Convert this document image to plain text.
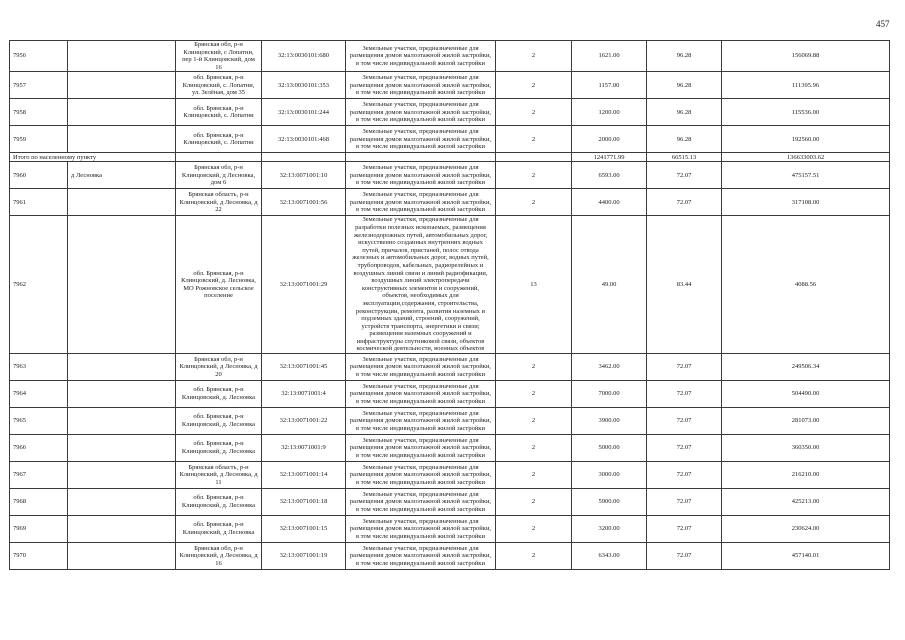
457
7956		Брянская обл, р-н Клинцовский, с Лопатни, пер 1-й Клинцовский, дом 16	32:13:0030101:680	Земельные участки, предназначенные для размещения домов малоэтажной жилой застройки, в том числе индивидуальной жилой застройки	2	1621.00	96.28	156069.88
7957		обл. Брянская, р-н Клинцовский, с. Лопатни, ул. Зелёная, дом 35	32:13:0030101:353	Земельные участки, предназначенные для размещения домов малоэтажной жилой застройки, в том числе индивидуальной жилой застройки	2	1157.00	96.28	111395.96
7958		обл. Брянская, р-н Клинцовский, с. Лопатни	32:13:0030101:244	Земельные участки, предназначенные для размещения домов малоэтажной жилой застройки, в том числе индивидуальной жилой застройки	2	1200.00	96.28	115536.00
7959		обл. Брянская, р-н Клинцовский, с. Лопатни	32:13:0030101:468	Земельные участки, предназначенные для размещения домов малоэтажной жилой застройки, в том числе индивидуальной жилой застройки	2	2000.00	96.28	192560.00
Итого по населенному пункту						1241771.99	66515.13	136633003.62
7960	д Лесновка	Брянская обл, р-н Клинцовский, д Лесновка, дом 6	32:13:0071001:10	Земельные участки, предназначенные для размещения домов малоэтажной жилой застройки, в том числе индивидуальной жилой застройки	2	6593.00	72.07	475157.51
7961		Брянская область, р-н Клинцовский, д Лесновка, д 22	32:13:0071001:56	Земельные участки, предназначенные для размещения домов малоэтажной жилой застройки, в том числе индивидуальной жилой застройки	2	4400.00	72.07	317108.00
7962		обл. Брянская, р-н Клинцовский, д. Лесновка, МО Рожновское сельское поселение	32:13:0071001:29	Земельные участки, предназначенные для разработки полезных ископаемых, размещения железнодорожных путей, автомобильных дорог, искусственно созданных внутренних водных путей, причалов, пристаней, полос отвода железных и автомобильных дорог, водных путей, трубопроводов, кабельных, радиорелейных и воздушных линий связи и линий радиофикации, воздушных линий электропередачи конструктивных элементов и сооружений, объектов, необходимых для эксплуатации,содержания, строительства, реконструкции, ремонта, развития наземных и подземных зданий, строений, сооружений, устройств транспорта, энергетики и связи; размещения наземных сооружений и инфраструктуры спутниковой связи, объектов космической деятельности, военных объектов	13	49.00	83.44	4088.56
7963		Брянская обл, р-н Клинцовский, д Лесновка, д 20	32:13:0071001:45	Земельные участки, предназначенные для размещения домов малоэтажной жилой застройки, в том числе индивидуальной жилой застройки	2	3462.00	72.07	249506.34
7964		обл. Брянская, р-н Клинцовский, д. Лесновка	32:13:0071001:4	Земельные участки, предназначенные для размещения домов малоэтажной жилой застройки, в том числе индивидуальной жилой застройки	2	7000.00	72.07	504490.00
7965		обл. Брянская, р-н Клинцовский, д. Лесновка	32:13:0071001:22	Земельные участки, предназначенные для размещения домов малоэтажной жилой застройки, в том числе индивидуальной жилой застройки	2	3900.00	72.07	281073.00
7966		обл. Брянская, р-н Клинцовский, д. Лесновка	32:13:0071001:9	Земельные участки, предназначенные для размещения домов малоэтажной жилой застройки, в том числе индивидуальной жилой застройки	2	5000.00	72.07	360350.00
7967		Брянская область, р-н Клинцовский, д Лесновка, д 11	32:13:0071001:14	Земельные участки, предназначенные для размещения домов малоэтажной жилой застройки, в том числе индивидуальной жилой застройки	2	3000.00	72.07	216210.00
7968		обл. Брянская, р-н Клинцовский, д. Лесновка	32:13:0071001:18	Земельные участки, предназначенные для размещения домов малоэтажной жилой застройки, в том числе индивидуальной жилой застройки	2	5900.00	72.07	425213.00
7969		обл. Брянская, р-н Клинцовский, д Лесновка	32:13:0071001:15	Земельные участки, предназначенные для размещения домов малоэтажной жилой застройки, в том числе индивидуальной жилой застройки	2	3200.00	72.07	230624.00
7970		Брянская обл, р-н Клинцовский, д Лесновка, д 16	32:13:0071001:19	Земельные участки, предназначенные для размещения домов малоэтажной жилой застройки, в том числе индивидуальной жилой застройки	2	6343.00	72.07	457140.01
